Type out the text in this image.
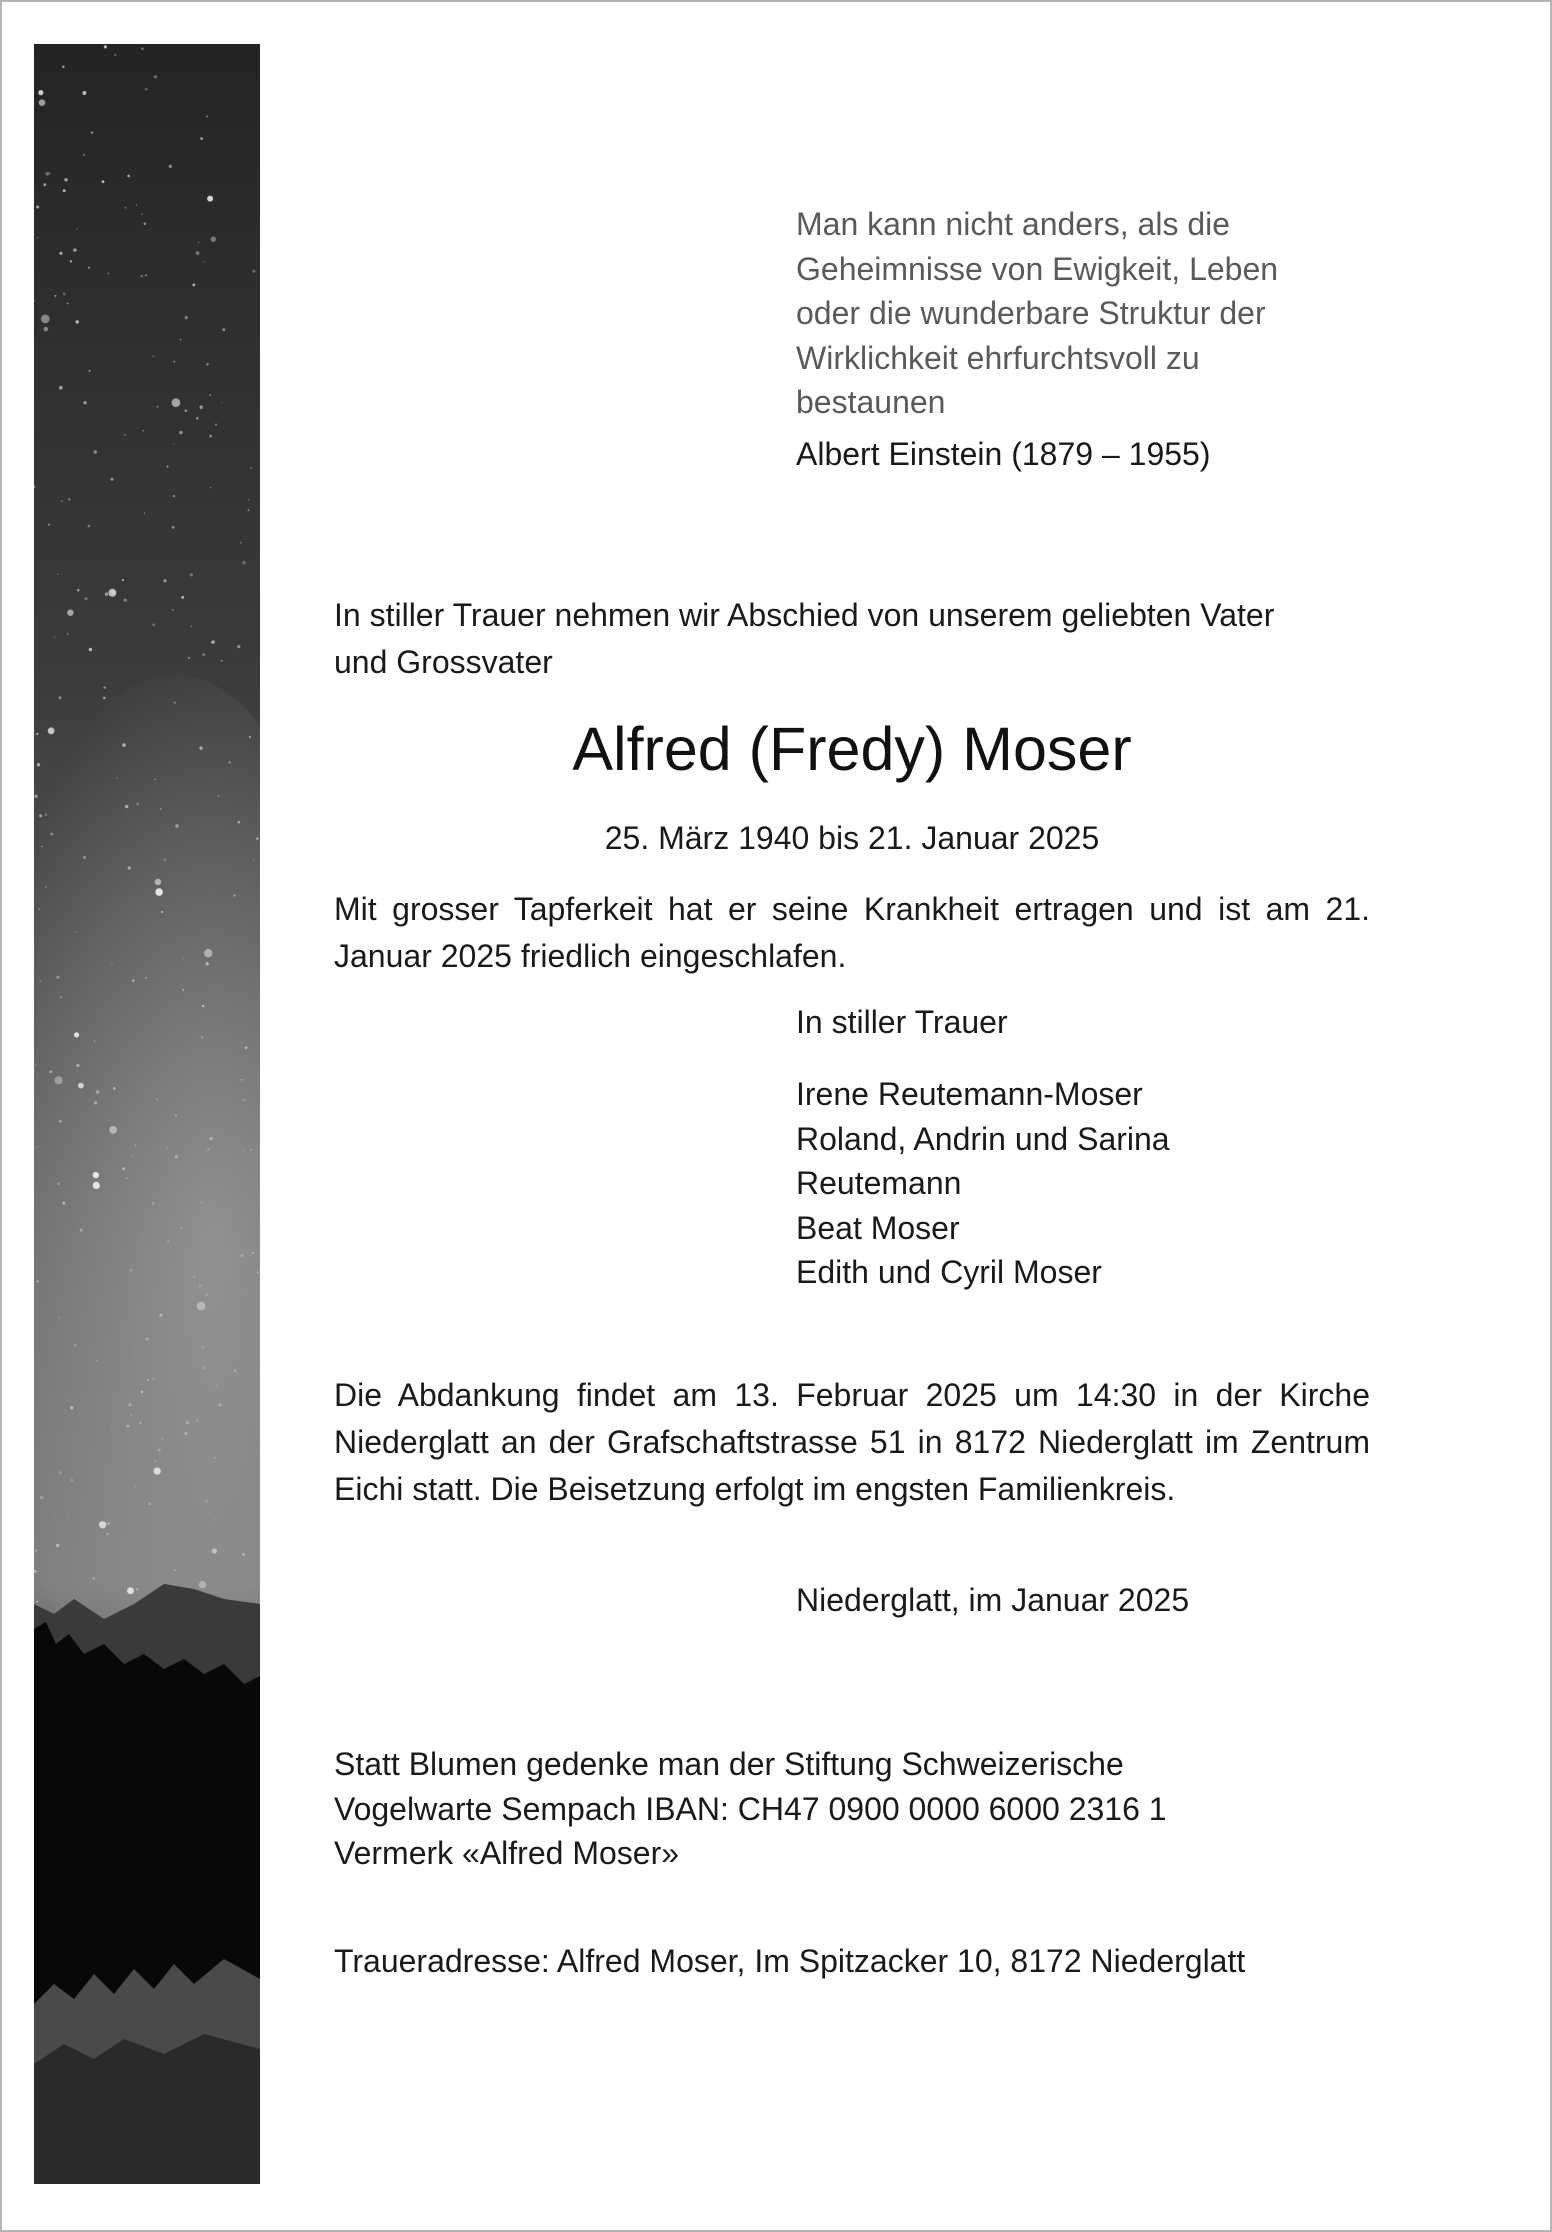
Man kann nicht anders, als die
Geheimnisse von Ewigkeit, Leben
oder die wunderbare Struktur der
Wirklichkeit ehrfurchtsvoll zu
bestaunen
Albert Einstein (1879 – 1955)
In stiller Trauer nehmen wir Abschied von unserem geliebten Vater
und Grossvater
Alfred (Fredy) Moser
25. März 1940 bis 21. Januar 2025
Mit grosser Tapferkeit hat er seine Krankheit ertragen und ist am 21. Januar 2025 friedlich eingeschlafen.
In stiller Trauer
Irene Reutemann-Moser
Roland, Andrin und Sarina
Reutemann
Beat Moser
Edith und Cyril Moser
Die Abdankung findet am 13. Februar 2025 um 14:30 in der Kirche Niederglatt an der Grafschaftstrasse 51 in 8172 Niederglatt im Zentrum Eichi statt. Die Beisetzung erfolgt im engsten Familienkreis.
Niederglatt, im Januar 2025
Statt Blumen gedenke man der Stiftung Schweizerische
Vogelwarte Sempach IBAN: CH47 0900 0000 6000 2316 1
Vermerk «Alfred Moser»
Traueradresse: Alfred Moser, Im Spitzacker 10, 8172 Niederglatt
